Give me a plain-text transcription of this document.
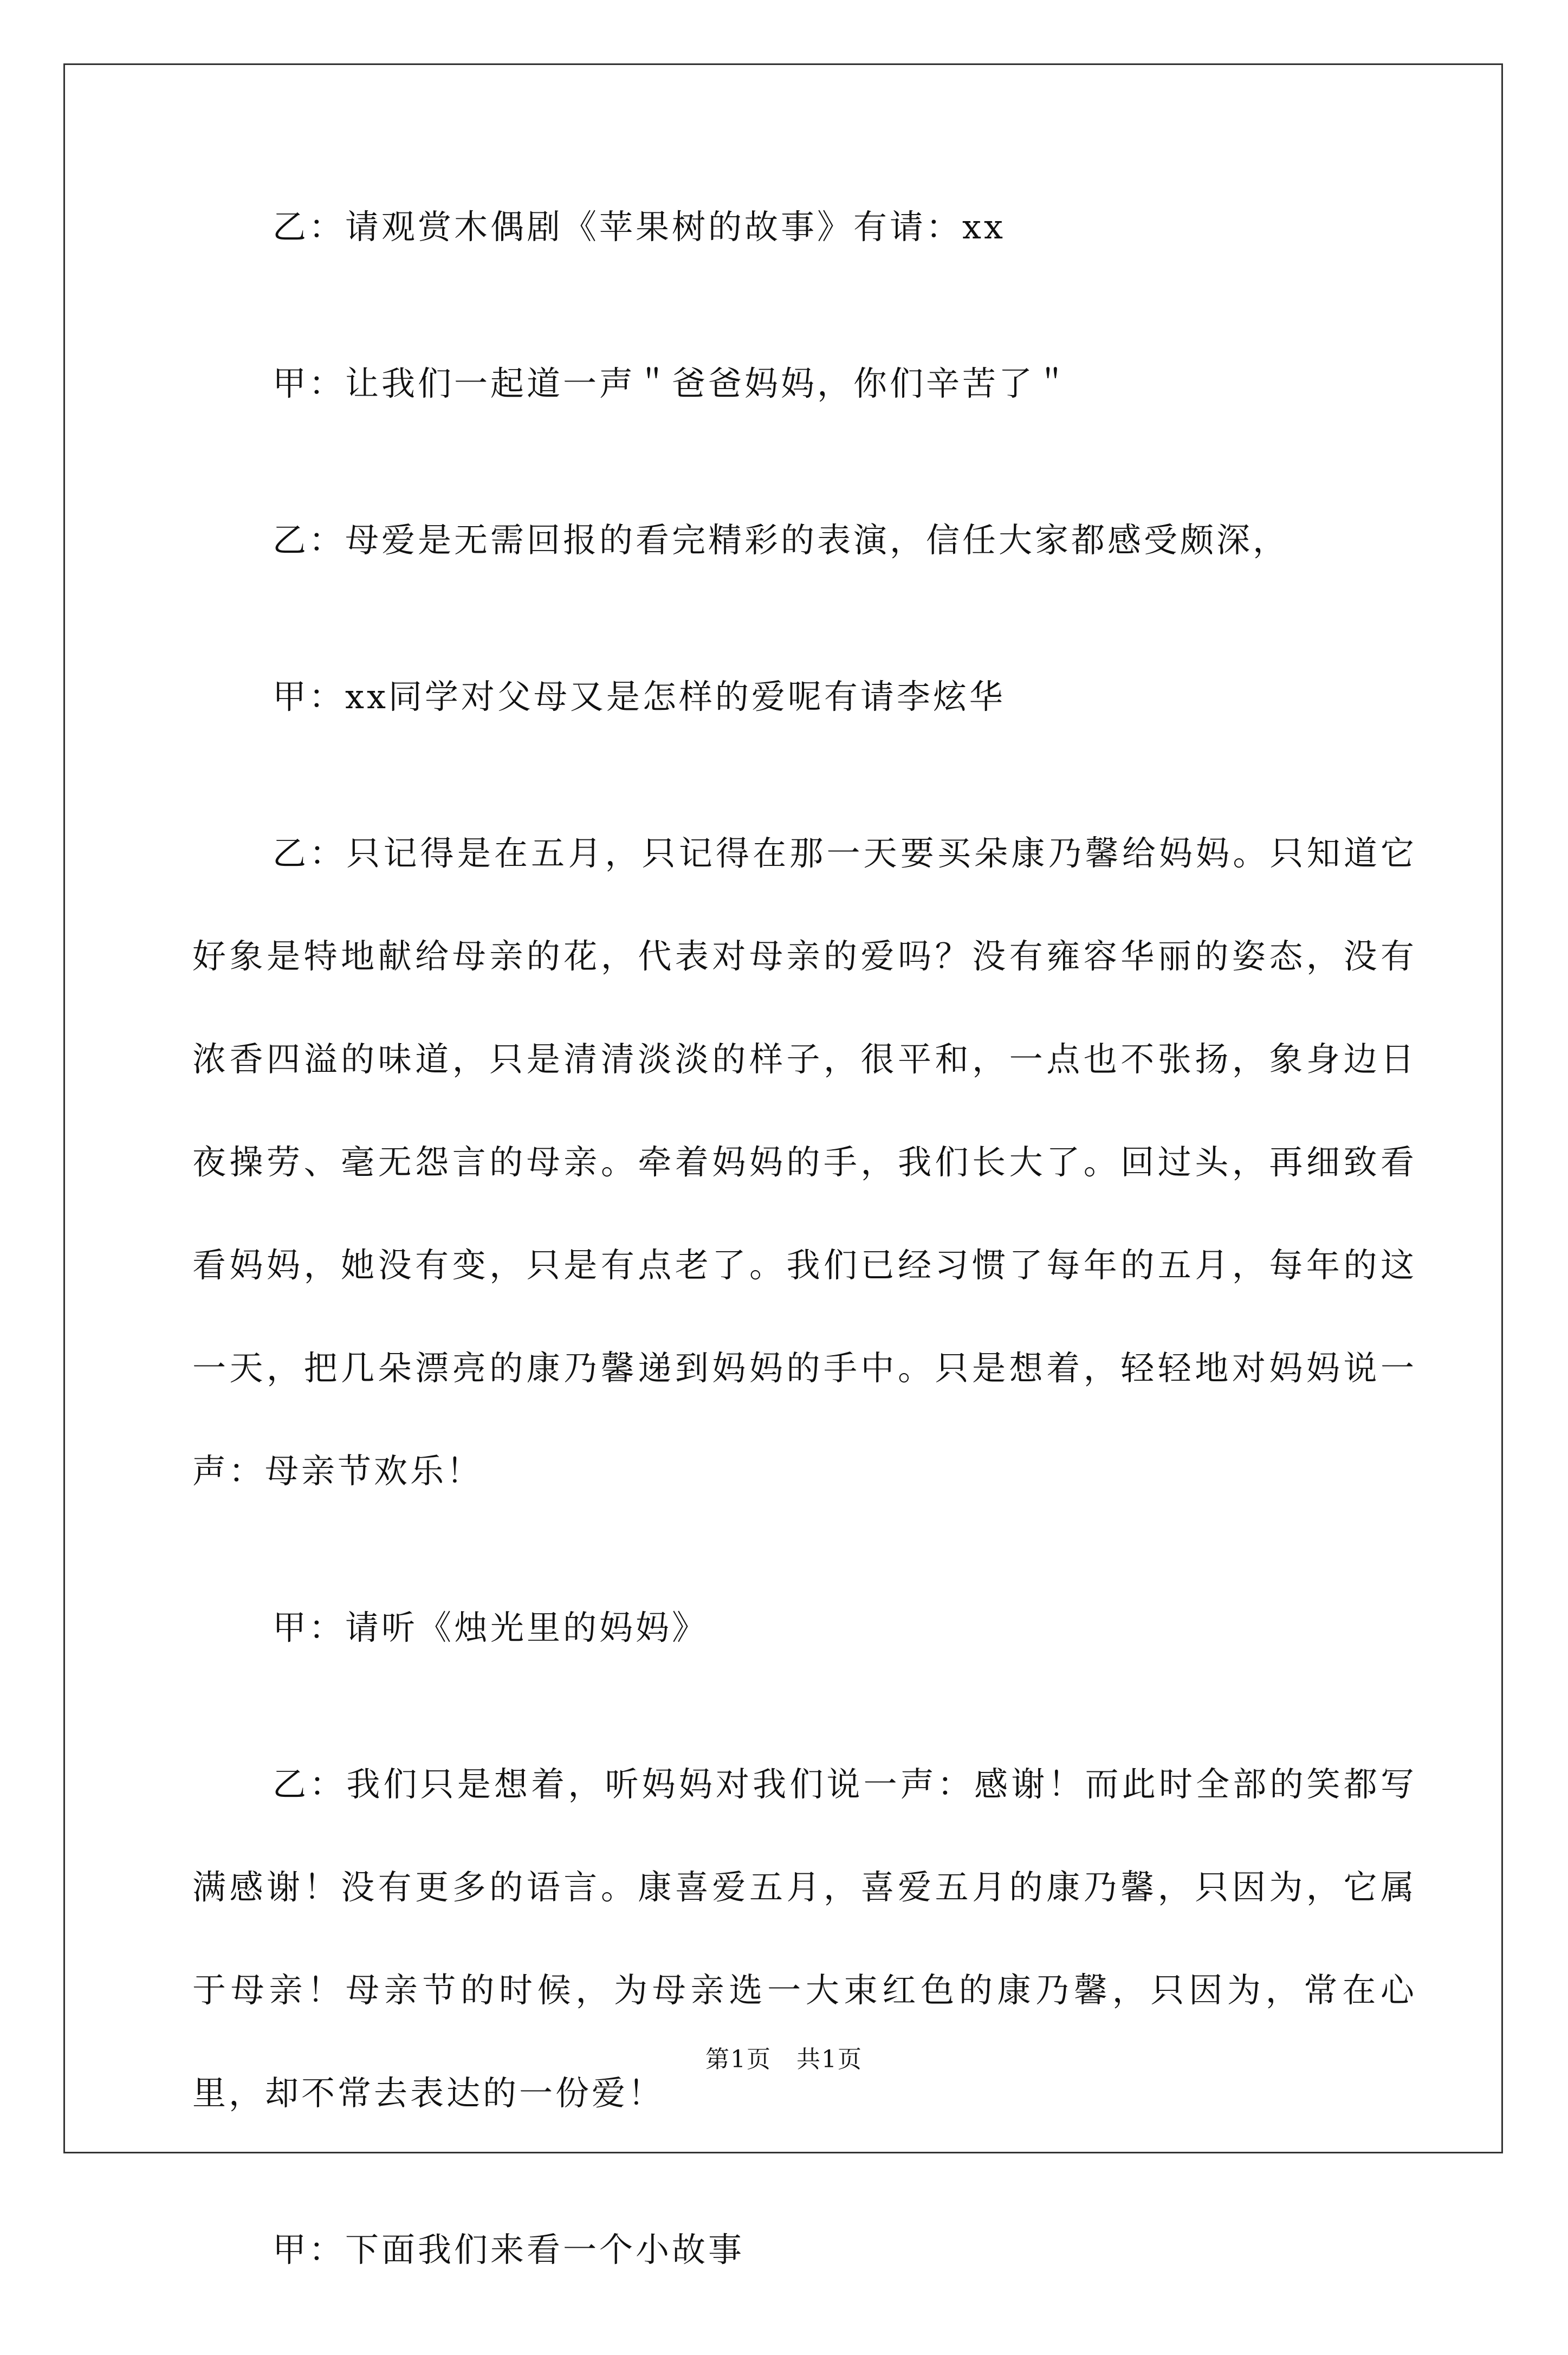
乙：请观赏木偶剧《苹果树的故事》有请：xx

甲：让我们一起道一声＂爸爸妈妈，你们辛苦了＂

乙：母爱是无需回报的看完精彩的表演，信任大家都感受颇深，

甲：xx同学对父母又是怎样的爱呢有请李炫华

乙：只记得是在五月，只记得在那一天要买朵康乃馨给妈妈。只知道它好象是特地献给母亲的花，代表对母亲的爱吗？没有雍容华丽的姿态，没有浓香四溢的味道，只是清清淡淡的样子，很平和，一点也不张扬，象身边日夜操劳、毫无怨言的母亲。牵着妈妈的手，我们长大了。回过头，再细致看看妈妈，她没有变，只是有点老了。我们已经习惯了每年的五月，每年的这一天，把几朵漂亮的康乃馨递到妈妈的手中。只是想着，轻轻地对妈妈说一声：母亲节欢乐！

甲：请听《烛光里的妈妈》

乙：我们只是想着，听妈妈对我们说一声：感谢！而此时全部的笑都写满感谢！没有更多的语言。康喜爱五月，喜爱五月的康乃馨，只因为，它属于母亲！母亲节的时候，为母亲选一大束红色的康乃馨，只因为，常在心里，却不常去表达的一份爱！

甲：下面我们来看一个小故事

第1页 共1页
